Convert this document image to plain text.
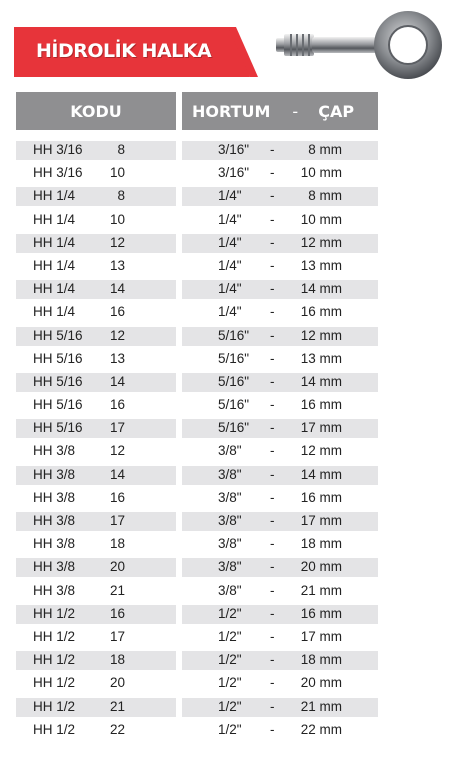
HİDROLİK HALKA
KODU	HORTUM - ÇAP
HH 3/16	8	3/16" -	8 mm
HH 3/16	10	3/16" -	10 mm
HH 1/4	8	1/4" -	8 mm
HH 1/4	10	1/4" -	10 mm
HH 1/4	12	1/4" -	12 mm
HH 1/4	13	1/4" -	13 mm
HH 1/4	14	1/4" -	14 mm
HH 1/4	16	1/4" -	16 mm
HH 5/16	12	5/16" -	12 mm
HH 5/16	13	5/16" -	13 mm
HH 5/16	14	5/16" -	14 mm
HH 5/16	16	5/16" -	16 mm
HH 5/16	17	5/16" -	17 mm
HH 3/8	12	3/8" -	12 mm
HH 3/8	14	3/8" -	14 mm
HH 3/8	16	3/8" -	16 mm
HH 3/8	17	3/8" -	17 mm
HH 3/8	18	3/8" -	18 mm
HH 3/8	20	3/8" -	20 mm
HH 3/8	21	3/8" -	21 mm
HH 1/2	16	1/2" -	16 mm
HH 1/2	17	1/2" -	17 mm
HH 1/2	18	1/2" -	18 mm
HH 1/2	20	1/2" -	20 mm
HH 1/2	21	1/2" -	21 mm
HH 1/2	22	1/2" -	22 mm
